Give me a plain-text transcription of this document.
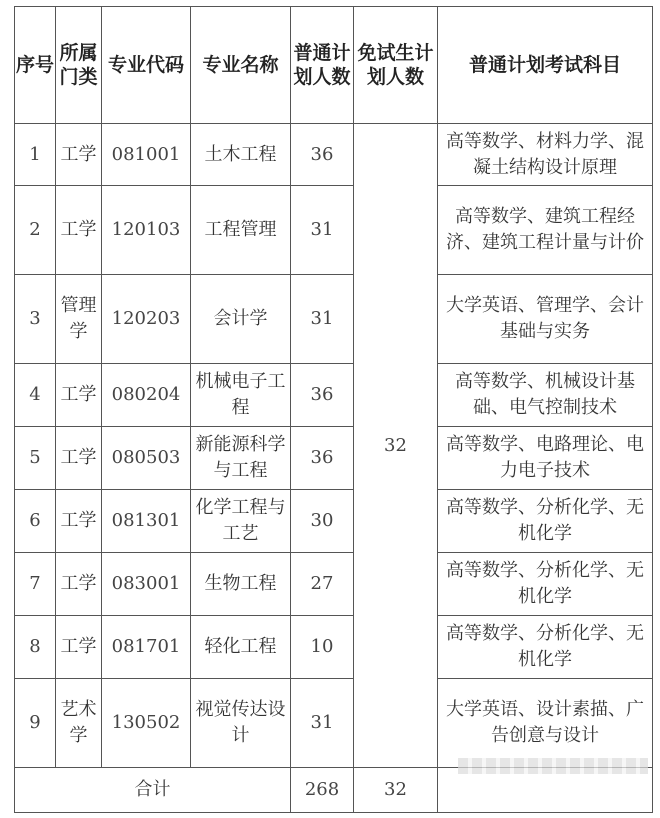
序号	所属门类	专业代码	专业名称	普通计划人数	免试生计划人数	普通计划考试科目
1	工学	081001	土木工程	36	32	高等数学、材料力学、混凝土结构设计原理
2	工学	120103	工程管理	31		高等数学、建筑工程经济、建筑工程计量与计价
3	管理学	120203	会计学	31		大学英语、管理学、会计基础与实务
4	工学	080204	机械电子工程	36		高等数学、机械设计基础、电气控制技术
5	工学	080503	新能源科学与工程	36		高等数学、电路理论、电力电子技术
6	工学	081301	化学工程与工艺	30		高等数学、分析化学、无机化学
7	工学	083001	生物工程	27		高等数学、分析化学、无机化学
8	工学	081701	轻化工程	10		高等数学、分析化学、无机化学
9	艺术学	130502	视觉传达设计	31		大学英语、设计素描、广告创意与设计
合计				268	32	
